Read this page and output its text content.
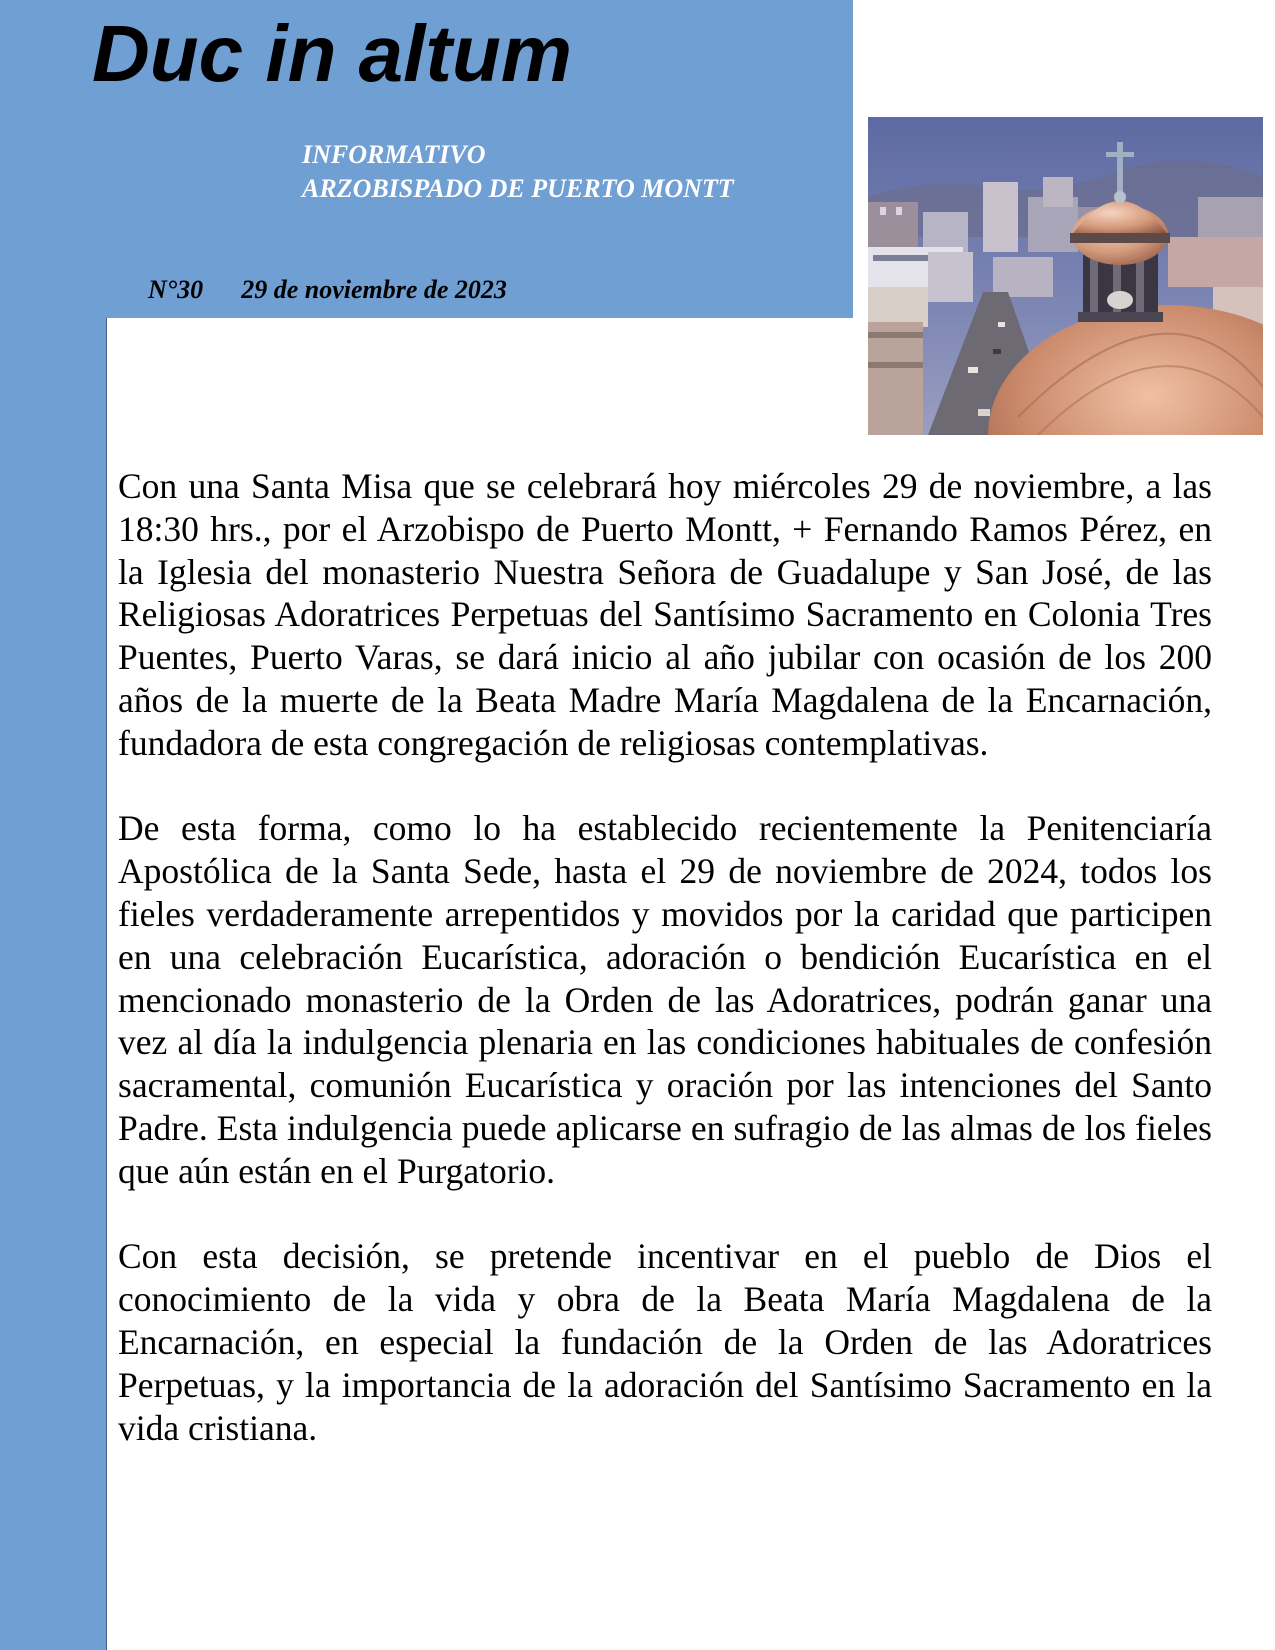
Duc in altum
INFORMATIVO
ARZOBISPADO DE PUERTO MONTT
N°30 29 de noviembre de 2023

Con una Santa Misa que se celebrará hoy miércoles 29 de noviembre, a las 18:30 hrs., por el Arzobispo de Puerto Montt, + Fernando Ramos Pérez, en la Iglesia del monasterio Nuestra Señora de Guadalupe y San José, de las Religiosas Adoratrices Perpetuas del Santísimo Sacramento en Colonia Tres Puentes, Puerto Varas, se dará inicio al año jubilar con ocasión de los 200 años de la muerte de la Beata Madre María Magdalena de la Encarnación, fundadora de esta congregación de religiosas contemplativas.

De esta forma, como lo ha establecido recientemente la Penitenciaría Apostólica de la Santa Sede, hasta el 29 de noviembre de 2024, todos los fieles verdaderamente arrepentidos y movidos por la caridad que participen en una celebración Eucarística, adoración o bendición Eucarística en el mencionado monasterio de la Orden de las Adoratrices, podrán ganar una vez al día la indulgencia plenaria en las condiciones habituales de confesión sacramental, comunión Eucarística y oración por las intenciones del Santo Padre. Esta indulgencia puede aplicarse en sufragio de las almas de los fieles que aún están en el Purgatorio.

Con esta decisión, se pretende incentivar en el pueblo de Dios el conocimiento de la vida y obra de la Beata María Magdalena de la Encarnación, en especial la fundación de la Orden de las Adoratrices Perpetuas, y la importancia de la adoración del Santísimo Sacramento en la vida cristiana.
